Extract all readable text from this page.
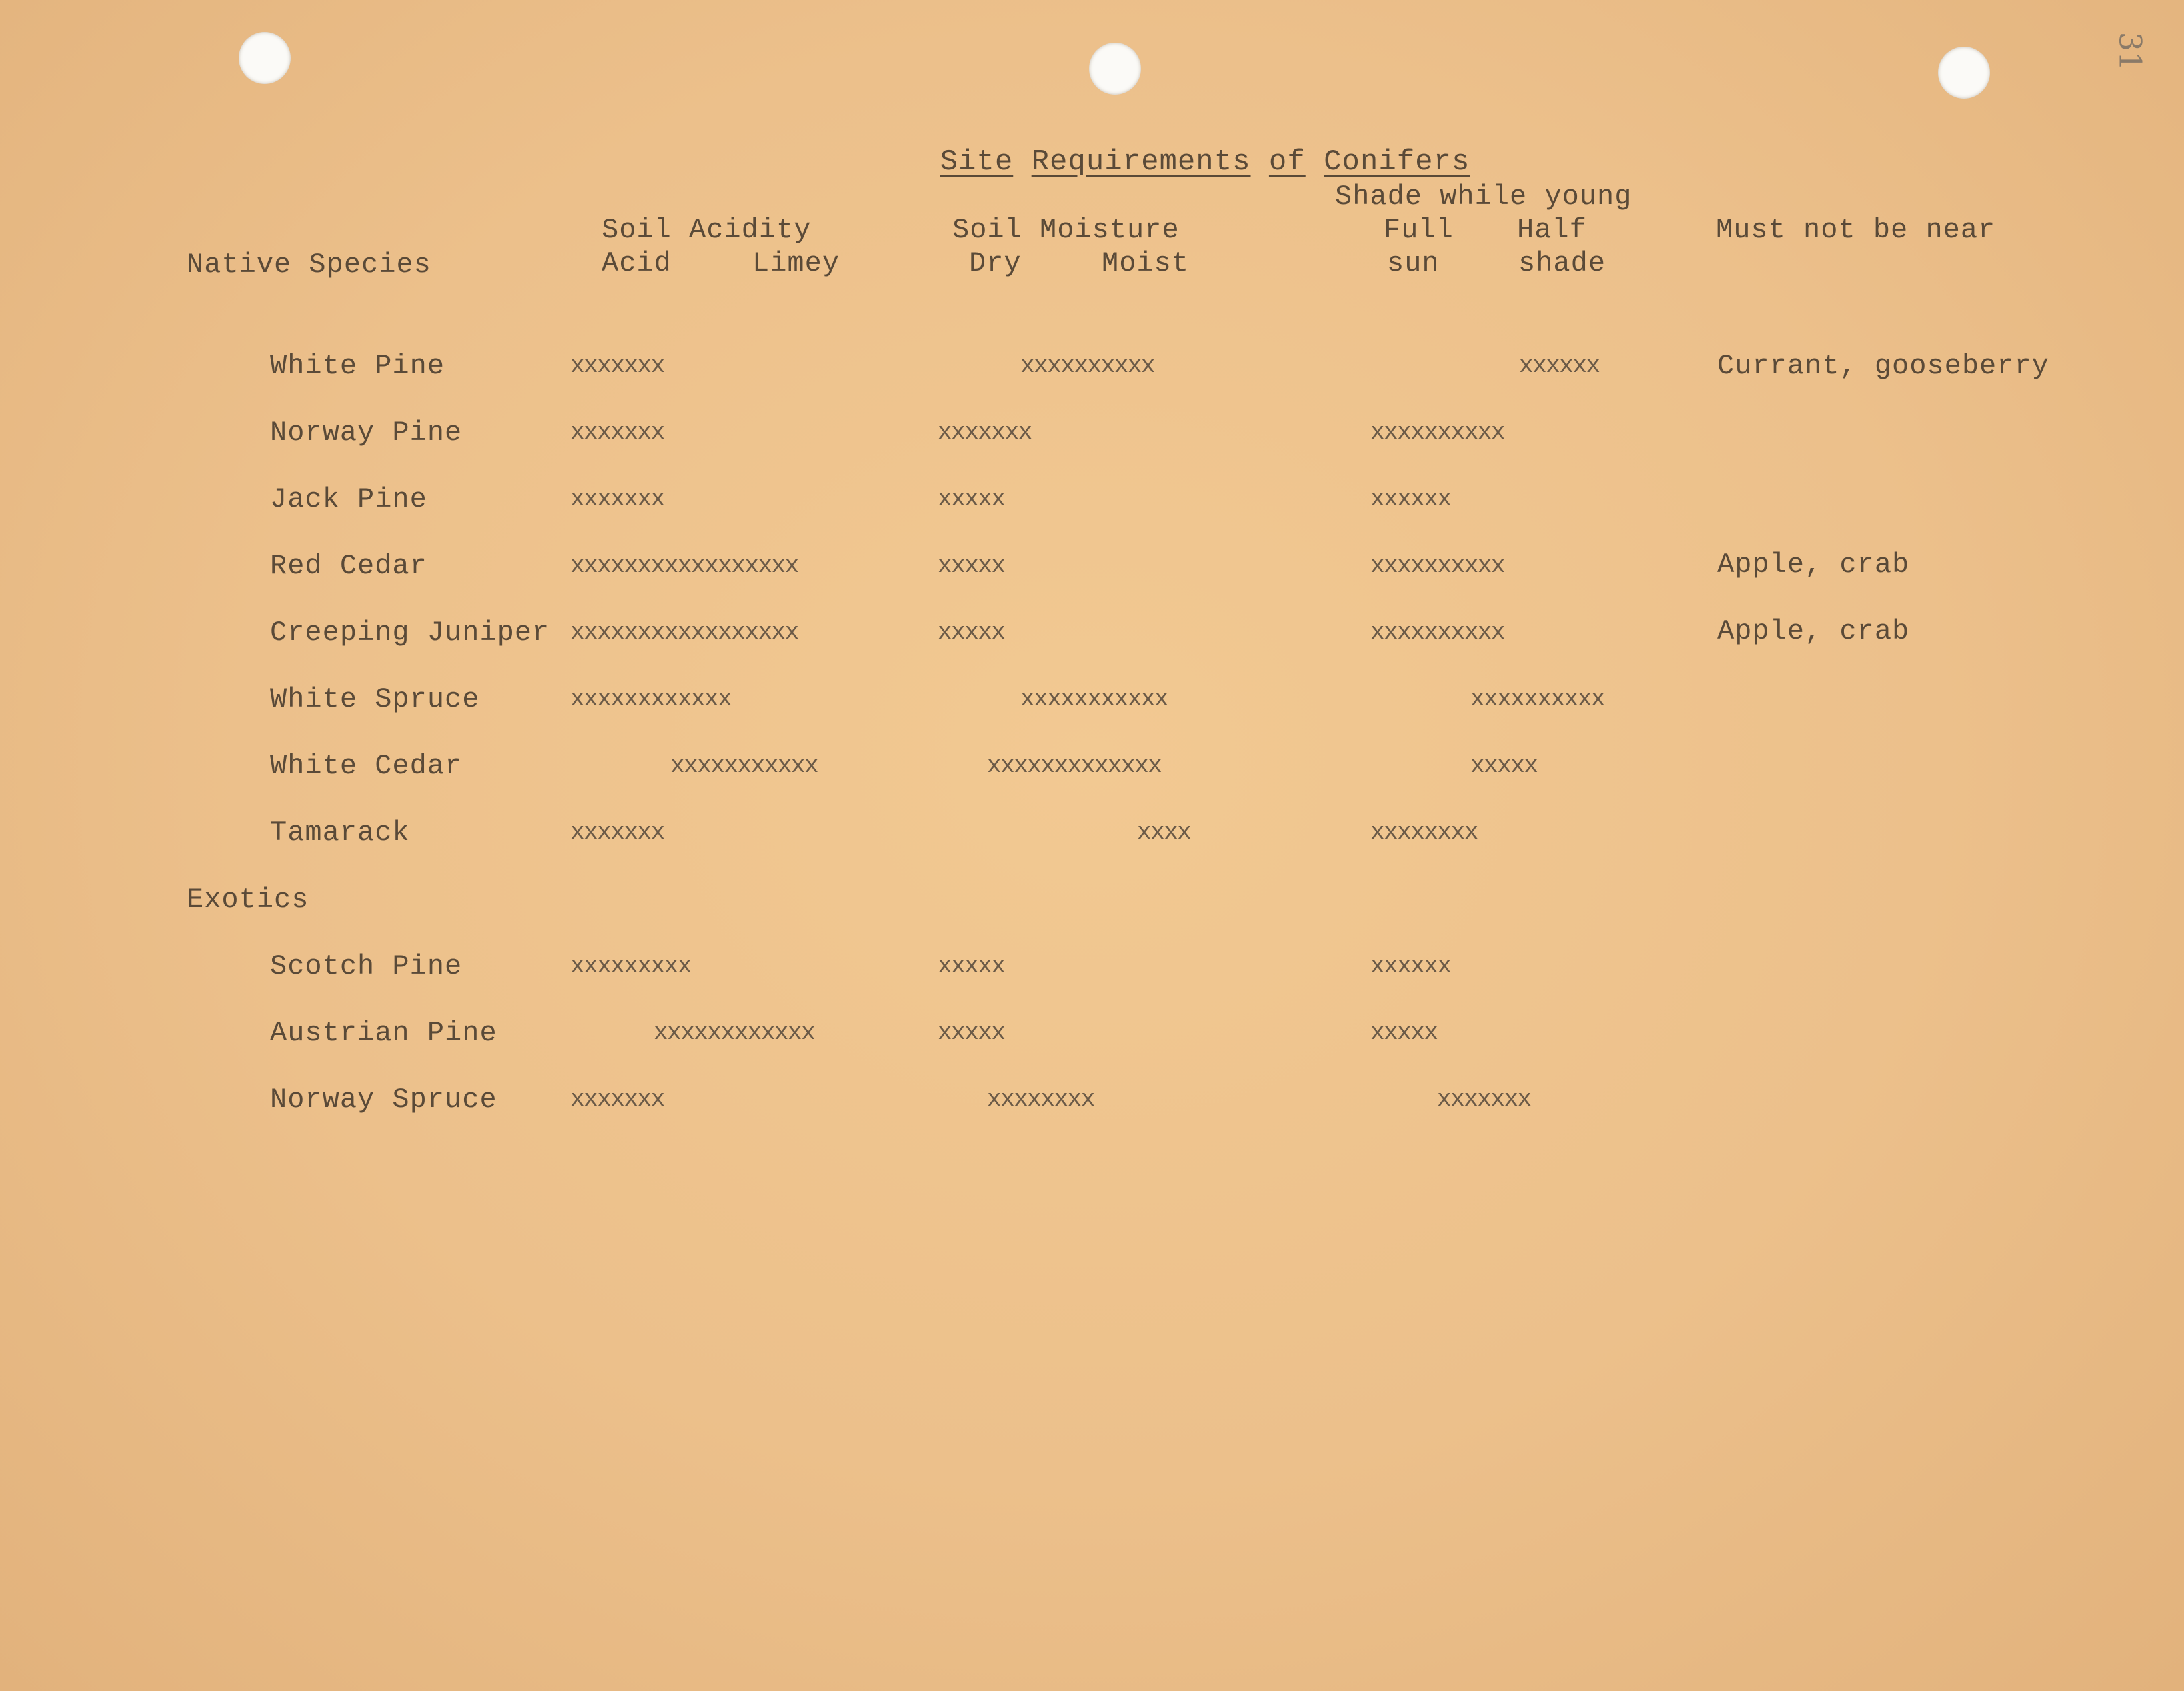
31

Site Requirements of Conifers

Shade while young
Soil Acidity	Soil Moisture	Full Half	Must not be near
Native Species	Acid	Limey	Dry	Moist	sun	shade
White Pine	xxxxxxx	xxxxxxxxxx	xxxxxx	Currant, gooseberry
Norway Pine	xxxxxxx	xxxxxxx	xxxxxxxxxx
Jack Pine	xxxxxxx	xxxxx	xxxxxx
Red Cedar	xxxxxxxxxxxxxxxxx	xxxxx	xxxxxxxxxx	Apple, crab
Creeping Juniper xxxxxxxxxxxxxxxxx	xxxxx	xxxxxxxxxx	Apple, crab
White Spruce	xxxxxxxxxxxx	xxxxxxxxxxx	xxxxxxxxxx
White Cedar	xxxxxxxxxxx	xxxxxxxxxxxxx	xxxxx
Tamarack	xxxxxxx	xxxx	xxxxxxxx
Exotics
Scotch Pine	xxxxxxxxx	xxxxx	xxxxxx
Austrian Pine	xxxxxxxxxxxx	xxxxx	xxxxx
Norway Spruce	xxxxxxx	xxxxxxxx	xxxxxxx
